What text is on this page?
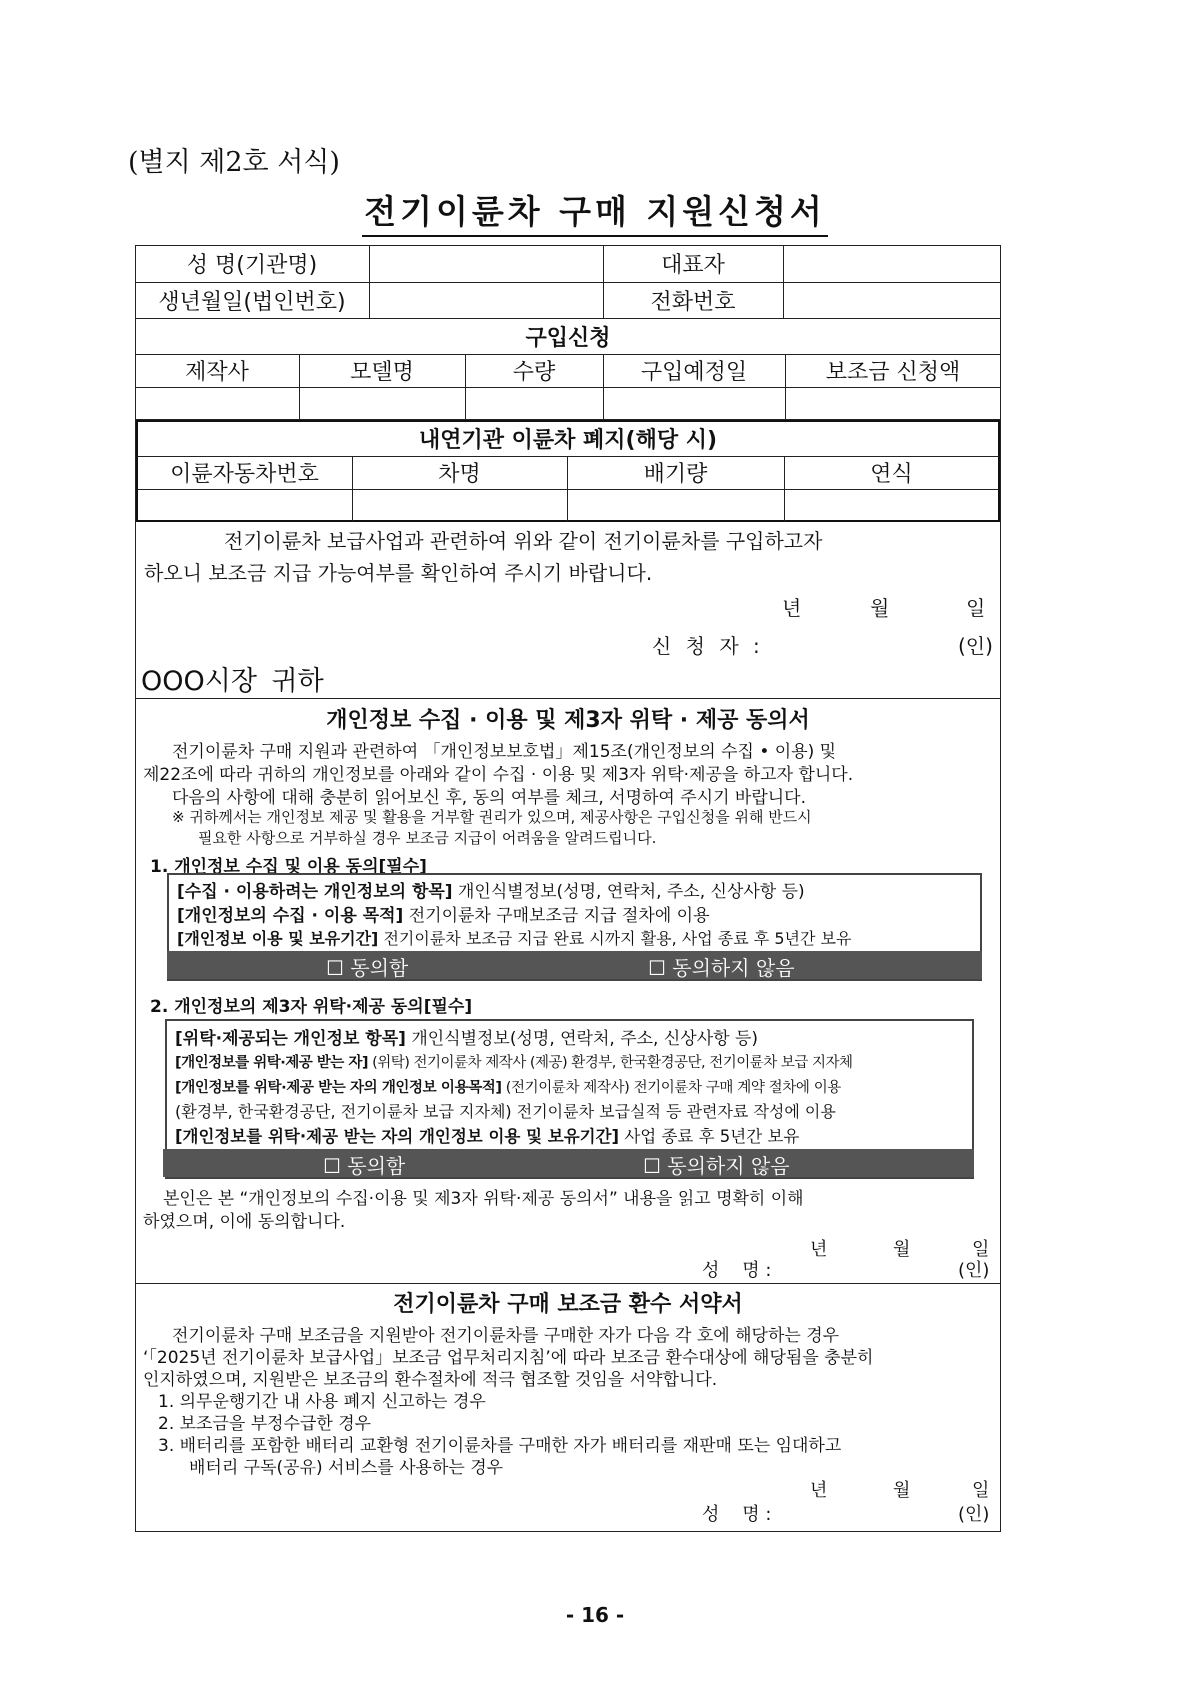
(별지 제2호 서식)
전기이륜차 구매 지원신청서
성 명(기관명)	대표자
생년월일(법인번호)	전화번호
구입신청
제작사	모델명	수량	구입예정일	보조금 신청액
내연기관 이륜차 폐지(해당 시)
이륜자동차번호	차명	배기량	연식
전기이륜차 보급사업과 관련하여 위와 같이 전기이륜차를 구입하고자
하오니 보조금 지급 가능여부를 확인하여 주시기 바랍니다.
년	월	일
신 청 자 :	(인)
OOO시장 귀하
개인정보 수집 · 이용 및 제3자 위탁 · 제공 동의서
전기이륜차 구매 지원과 관련하여 「개인정보보호법」제15조(개인정보의 수집 • 이용) 및
제22조에 따라 귀하의 개인정보를 아래와 같이 수집 · 이용 및 제3자 위탁·제공을 하고자 합니다.
다음의 사항에 대해 충분히 읽어보신 후, 동의 여부를 체크, 서명하여 주시기 바랍니다.
※ 귀하께서는 개인정보 제공 및 활용을 거부할 권리가 있으며, 제공사항은 구입신청을 위해 반드시
필요한 사항으로 거부하실 경우 보조금 지급이 어려움을 알려드립니다.
1. 개인정보 수집 및 이용 동의[필수]
[수집 · 이용하려는 개인정보의 항목] 개인식별정보(성명, 연락처, 주소, 신상사항 등)
[개인정보의 수집 · 이용 목적] 전기이륜차 구매보조금 지급 절차에 이용
[개인정보 이용 및 보유기간] 전기이륜차 보조금 지급 완료 시까지 활용, 사업 종료 후 5년간 보유
☐ 동의함	☐ 동의하지 않음
2. 개인정보의 제3자 위탁·제공 동의[필수]
[위탁·제공되는 개인정보 항목] 개인식별정보(성명, 연락처, 주소, 신상사항 등)
[개인정보를 위탁·제공 받는 자] (위탁) 전기이륜차 제작사 (제공) 환경부, 한국환경공단, 전기이륜차 보급 지자체
[개인정보를 위탁·제공 받는 자의 개인정보 이용목적] (전기이륜차 제작사) 전기이륜차 구매 계약 절차에 이용
(환경부, 한국환경공단, 전기이륜차 보급 지자체) 전기이륜차 보급실적 등 관련자료 작성에 이용
[개인정보를 위탁·제공 받는 자의 개인정보 이용 및 보유기간] 사업 종료 후 5년간 보유
☐ 동의함	☐ 동의하지 않음
본인은 본 “개인정보의 수집·이용 및 제3자 위탁·제공 동의서” 내용을 읽고 명확히 이해
하였으며, 이에 동의합니다.
년	월	일
성    명 :	(인)
전기이륜차 구매 보조금 환수 서약서
전기이륜차 구매 보조금을 지원받아 전기이륜차를 구매한 자가 다음 각 호에 해당하는 경우
‘「2025년 전기이륜차 보급사업」보조금 업무처리지침’에 따라 보조금 환수대상에 해당됨을 충분히
인지하였으며, 지원받은 보조금의 환수절차에 적극 협조할 것임을 서약합니다.
1. 의무운행기간 내 사용 폐지 신고하는 경우
2. 보조금을 부정수급한 경우
3. 배터리를 포함한 배터리 교환형 전기이륜차를 구매한 자가 배터리를 재판매 또는 임대하고
배터리 구독(공유) 서비스를 사용하는 경우
년	월	일
성    명 :	(인)
- 16 -
